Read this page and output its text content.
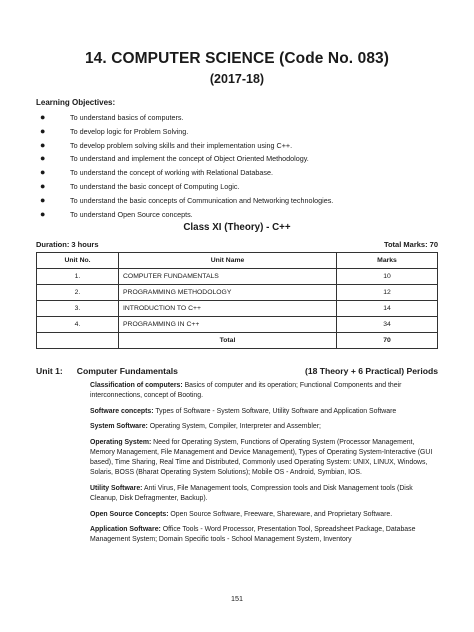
14. COMPUTER SCIENCE (Code No. 083)
(2017-18)
Learning Objectives:
●	To understand basics of computers.
●	To develop logic for Problem Solving.
●	To develop problem solving skills and their implementation using C++.
●	To understand and implement the concept of Object Oriented Methodology.
●	To understand the concept of working with Relational Database.
●	To understand the basic concept of Computing Logic.
●	To understand the basic concepts of Communication and Networking technologies.
●	To understand Open Source concepts.
Class XI (Theory) - C++
Duration: 3 hours	Total Marks: 70
Unit No.	Unit Name	Marks
1.	COMPUTER FUNDAMENTALS	10
2.	PROGRAMMING METHODOLOGY	12
3.	INTRODUCTION TO C++	14
4.	PROGRAMMING IN C++	34
	Total	70
Unit 1: Computer Fundamentals	(18 Theory + 6 Practical) Periods

Classification of computers: Basics of computer and its operation; Functional Components and their interconnections, concept of Booting.

Software concepts: Types of Software - System Software, Utility Software and Application Software

System Software: Operating System, Compiler, Interpreter and Assembler;

Operating System: Need for Operating System, Functions of Operating System (Processor Management, Memory Management, File Management and Device Management), Types of Operating System-Interactive (GUI based), Time Sharing, Real Time and Distributed, Commonly used Operating System: UNIX, LINUX, Windows, Solaris, BOSS (Bharat Operating System Solutions); Mobile OS - Android, Symbian, IOS.

Utility Software: Anti Virus, File Management tools, Compression tools and Disk Management tools (Disk Cleanup, Disk Defragmenter, Backup).

Open Source Concepts: Open Source Software, Freeware, Shareware, and Proprietary Software.

Application Software: Office Tools - Word Processor, Presentation Tool, Spreadsheet Package, Database Management System; Domain Specific tools - School Management System, Inventory

151
